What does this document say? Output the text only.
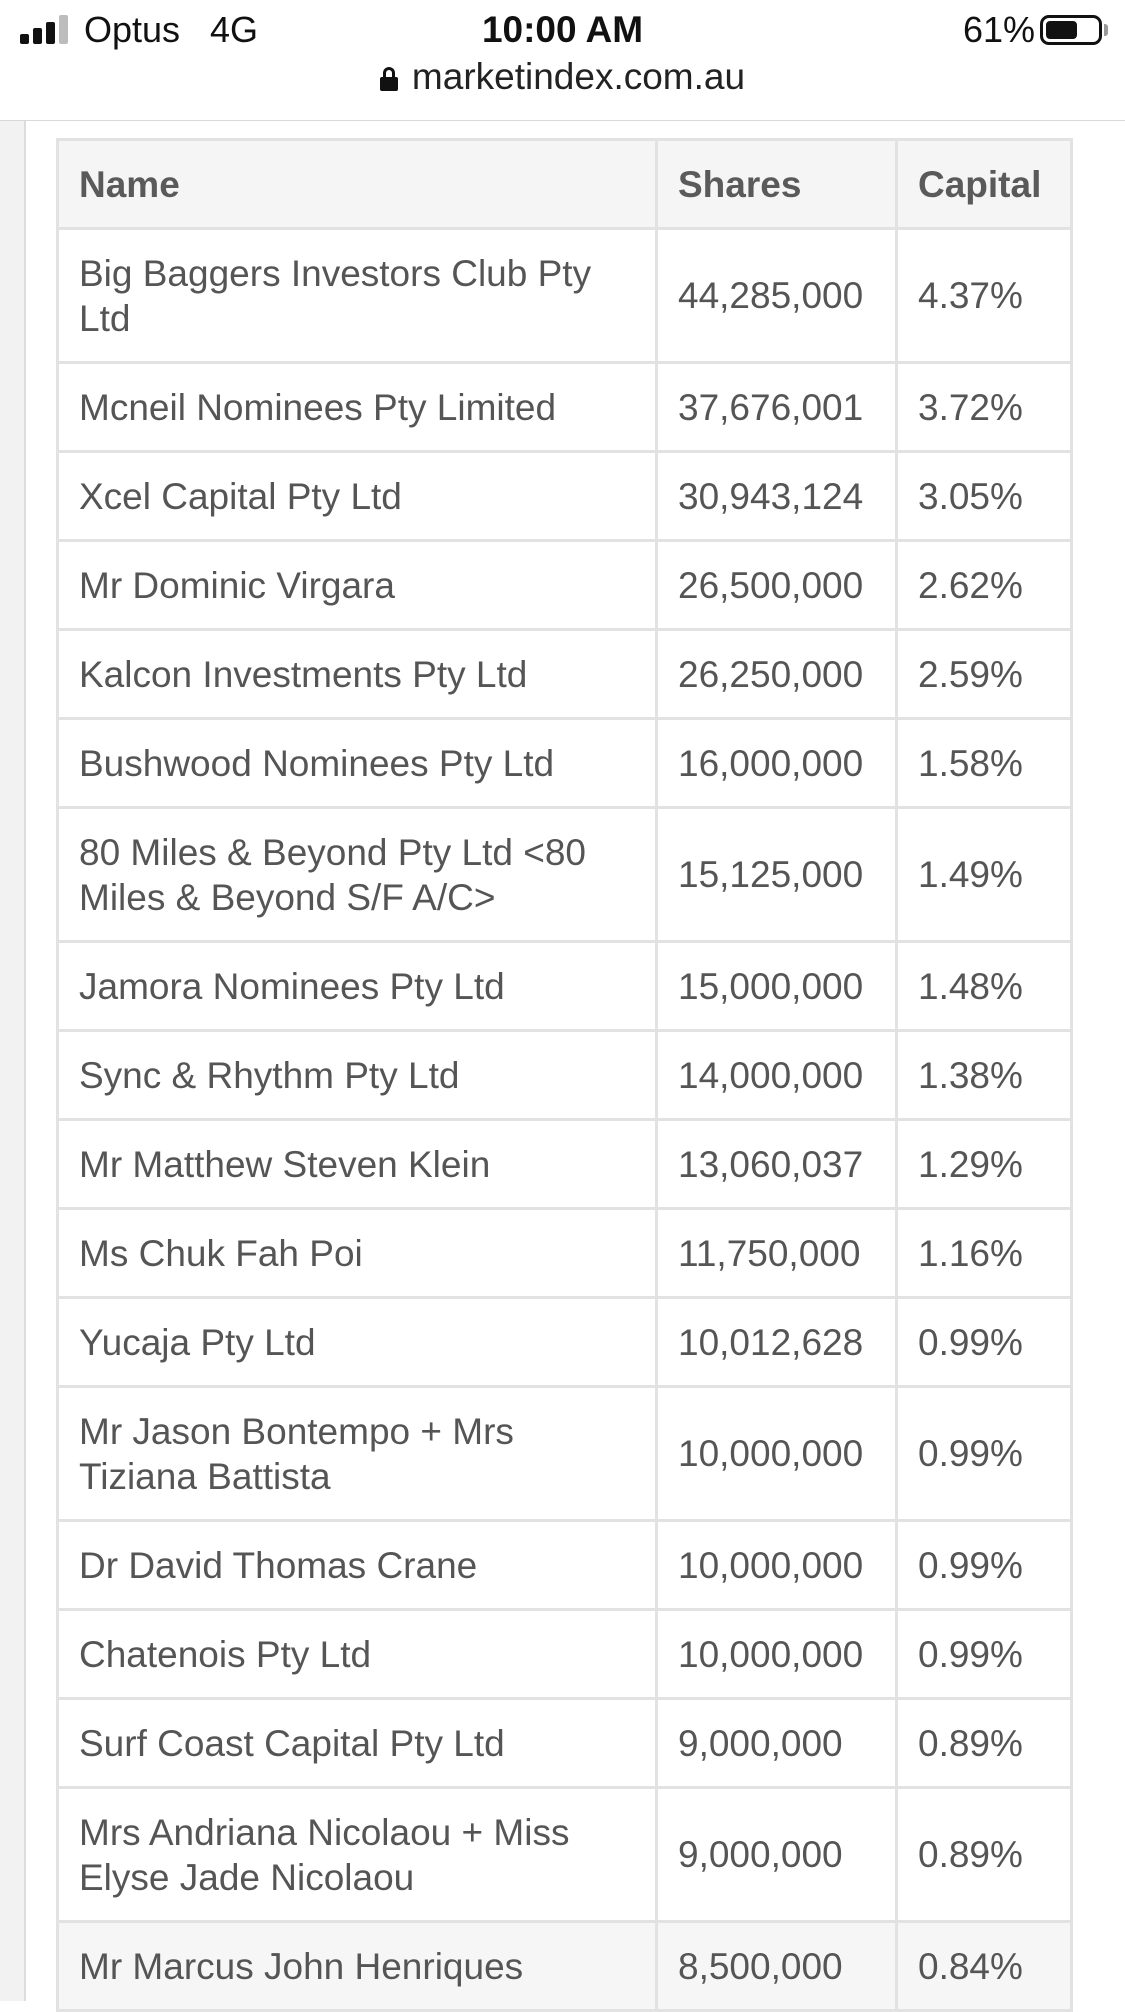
Optus 4G	10:00 AM	61%
marketindex.com.au
Name	Shares	Capital
Big Baggers Investors Club Pty Ltd	44,285,000	4.37%
Mcneil Nominees Pty Limited	37,676,001	3.72%
Xcel Capital Pty Ltd	30,943,124	3.05%
Mr Dominic Virgara	26,500,000	2.62%
Kalcon Investments Pty Ltd	26,250,000	2.59%
Bushwood Nominees Pty Ltd	16,000,000	1.58%
80 Miles & Beyond Pty Ltd <80 Miles & Beyond S/F A/C>	15,125,000	1.49%
Jamora Nominees Pty Ltd	15,000,000	1.48%
Sync & Rhythm Pty Ltd	14,000,000	1.38%
Mr Matthew Steven Klein	13,060,037	1.29%
Ms Chuk Fah Poi	11,750,000	1.16%
Yucaja Pty Ltd	10,012,628	0.99%
Mr Jason Bontempo + Mrs Tiziana Battista	10,000,000	0.99%
Dr David Thomas Crane	10,000,000	0.99%
Chatenois Pty Ltd	10,000,000	0.99%
Surf Coast Capital Pty Ltd	9,000,000	0.89%
Mrs Andriana Nicolaou + Miss Elyse Jade Nicolaou	9,000,000	0.89%
Mr Marcus John Henriques	8,500,000	0.84%
